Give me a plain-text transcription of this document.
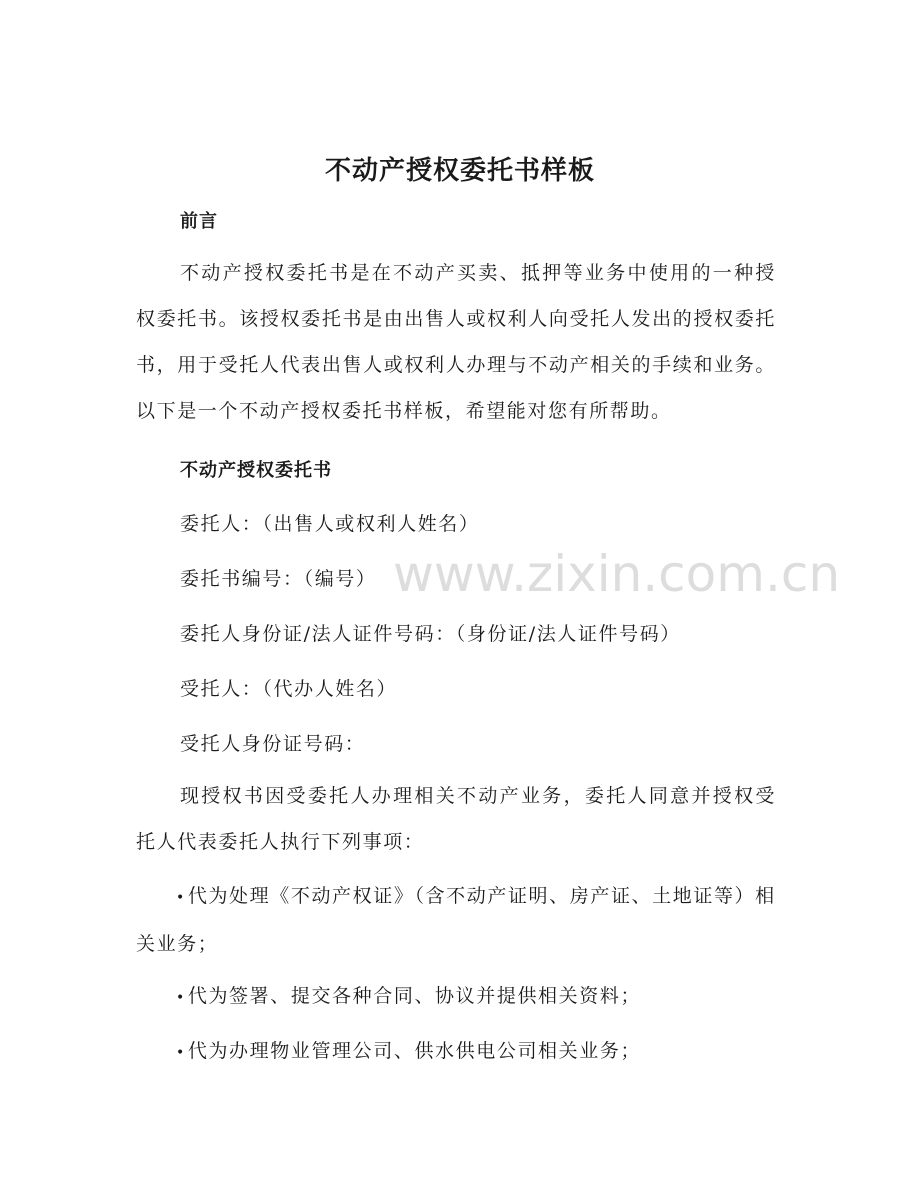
不动产授权委托书样板
前言
不动产授权委托书是在不动产买卖、抵押等业务中使用的一种授权委托书。该授权委托书是由出售人或权利人向受托人发出的授权委托书，用于受托人代表出售人或权利人办理与不动产相关的手续和业务。以下是一个不动产授权委托书样板，希望能对您有所帮助。
不动产授权委托书
委托人：（出售人或权利人姓名）
委托书编号：（编号）
委托人身份证/法人证件号码：（身份证/法人证件号码）
受托人：（代办人姓名）
受托人身份证号码：
现授权书因受委托人办理相关不动产业务，委托人同意并授权受托人代表委托人执行下列事项：
• 代为处理《不动产权证》（含不动产证明、房产证、土地证等）相关业务；
• 代为签署、提交各种合同、协议并提供相关资料；
• 代为办理物业管理公司、供水供电公司相关业务；
www.zixin.com.cn
